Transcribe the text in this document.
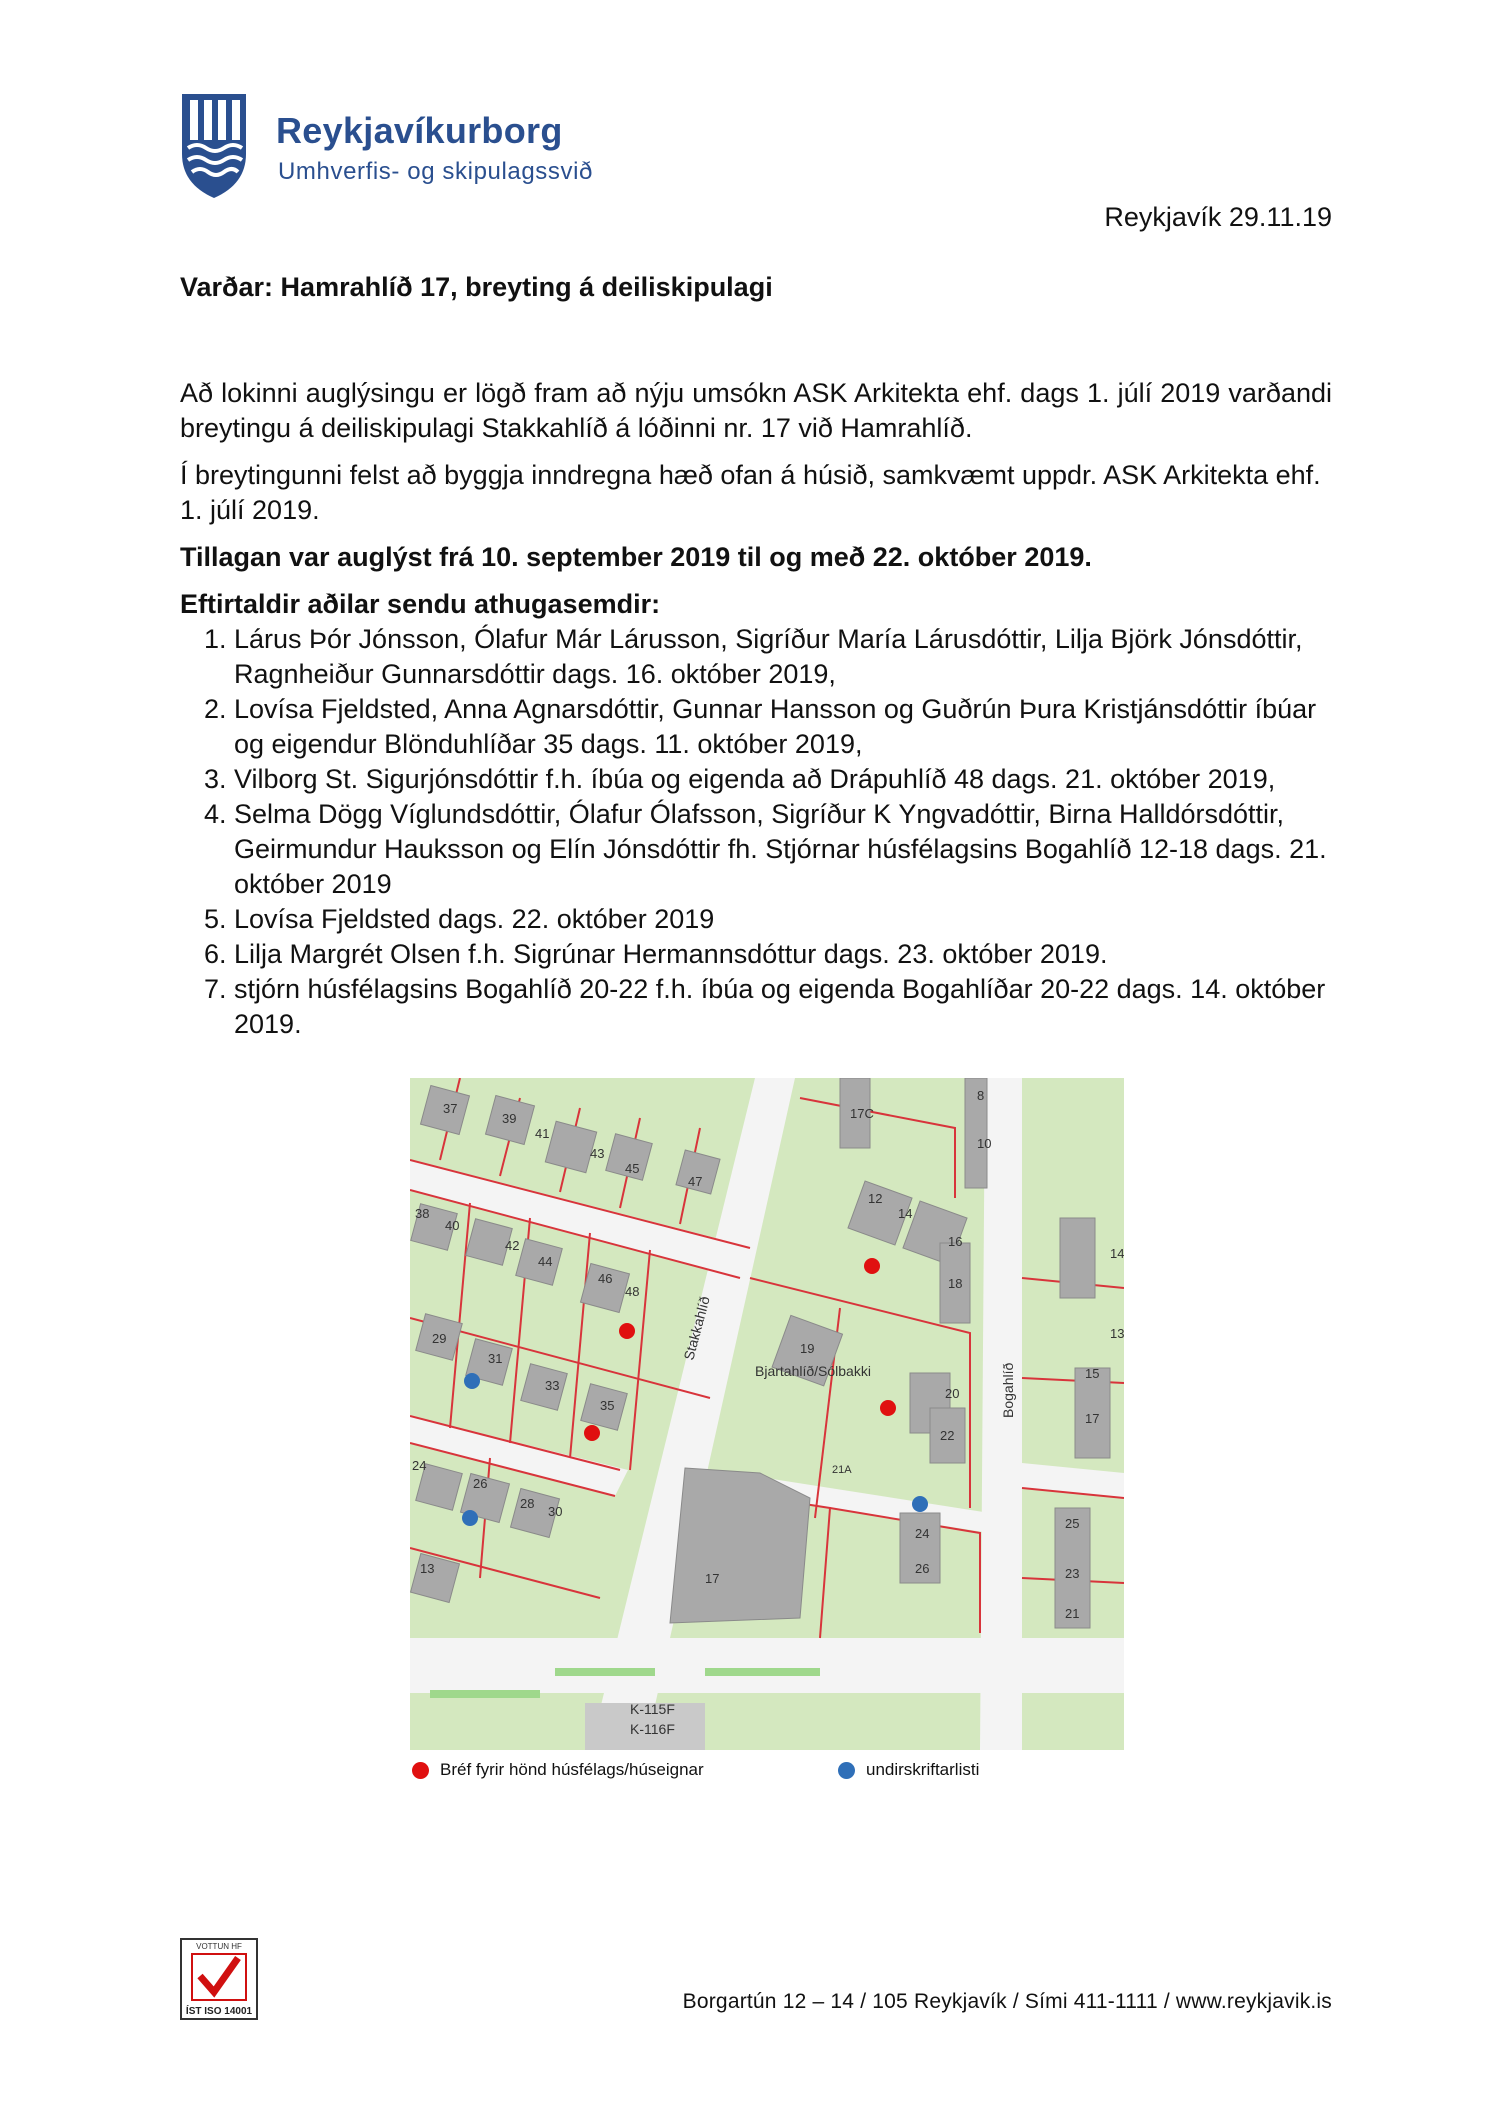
Reykjavíkurborg
Umhverfis- og skipulagssvið
Reykjavík 29.11.19
Varðar: Hamrahlíð 17, breyting á deiliskipulagi

Að lokinni auglýsingu er lögð fram að nýju umsókn ASK Arkitekta ehf. dags 1. júlí 2019 varðandi breytingu á deiliskipulagi Stakkahlíð á lóðinni nr. 17 við Hamrahlíð.

Í breytingunni felst að byggja inndregna hæð ofan á húsið, samkvæmt uppdr. ASK Arkitekta ehf. 1. júlí 2019.

Tillagan var auglýst frá 10. september 2019 til og með 22. október 2019.

Eftirtaldir aðilar sendu athugasemdir:

1. Lárus Þór Jónsson, Ólafur Már Lárusson, Sigríður María Lárusdóttir, Lilja Björk Jónsdóttir, Ragnheiður Gunnarsdóttir dags. 16. október 2019,
2. Lovísa Fjeldsted, Anna Agnarsdóttir, Gunnar Hansson og Guðrún Þura Kristjánsdóttir íbúar og eigendur Blönduhlíðar 35 dags. 11. október 2019,
3. Vilborg St. Sigurjónsdóttir f.h. íbúa og eigenda að Drápuhlíð 48 dags. 21. október 2019,
4. Selma Dögg Víglundsdóttir, Ólafur Ólafsson, Sigríður K Yngvadóttir, Birna Halldórsdóttir, Geirmundur Hauksson og Elín Jónsdóttir fh. Stjórnar húsfélagsins Bogahlíð 12-18 dags. 21. október 2019
5. Lovísa Fjeldsted dags. 22. október 2019
6. Lilja Margrét Olsen f.h. Sigrúnar Hermannsdóttur dags. 23. október 2019.
7. stjórn húsfélagsins Bogahlíð 20-22 f.h. íbúa og eigenda Bogahlíðar 20-22 dags. 14. október 2019.
37
39
41
43
45
47
38
40
42
44
46
48
29
31
33
35
24
26
28
30
13
17C
17
8
10
12
14
16
18
19
20
22
21A
24
26
14
13
15
17
25
23
21
Stakkahlíð
Bogahlíð
Bjartahlíð/Sólbakki
K-115F
K-116F
Bréf fyrir hönd húsfélags/húseignar	undirskriftarlisti
VOTTUN HF
ÍST ISO 14001	Borgartún 12 – 14 / 105 Reykjavík / Sími 411-1111 / www.reykjavik.is
